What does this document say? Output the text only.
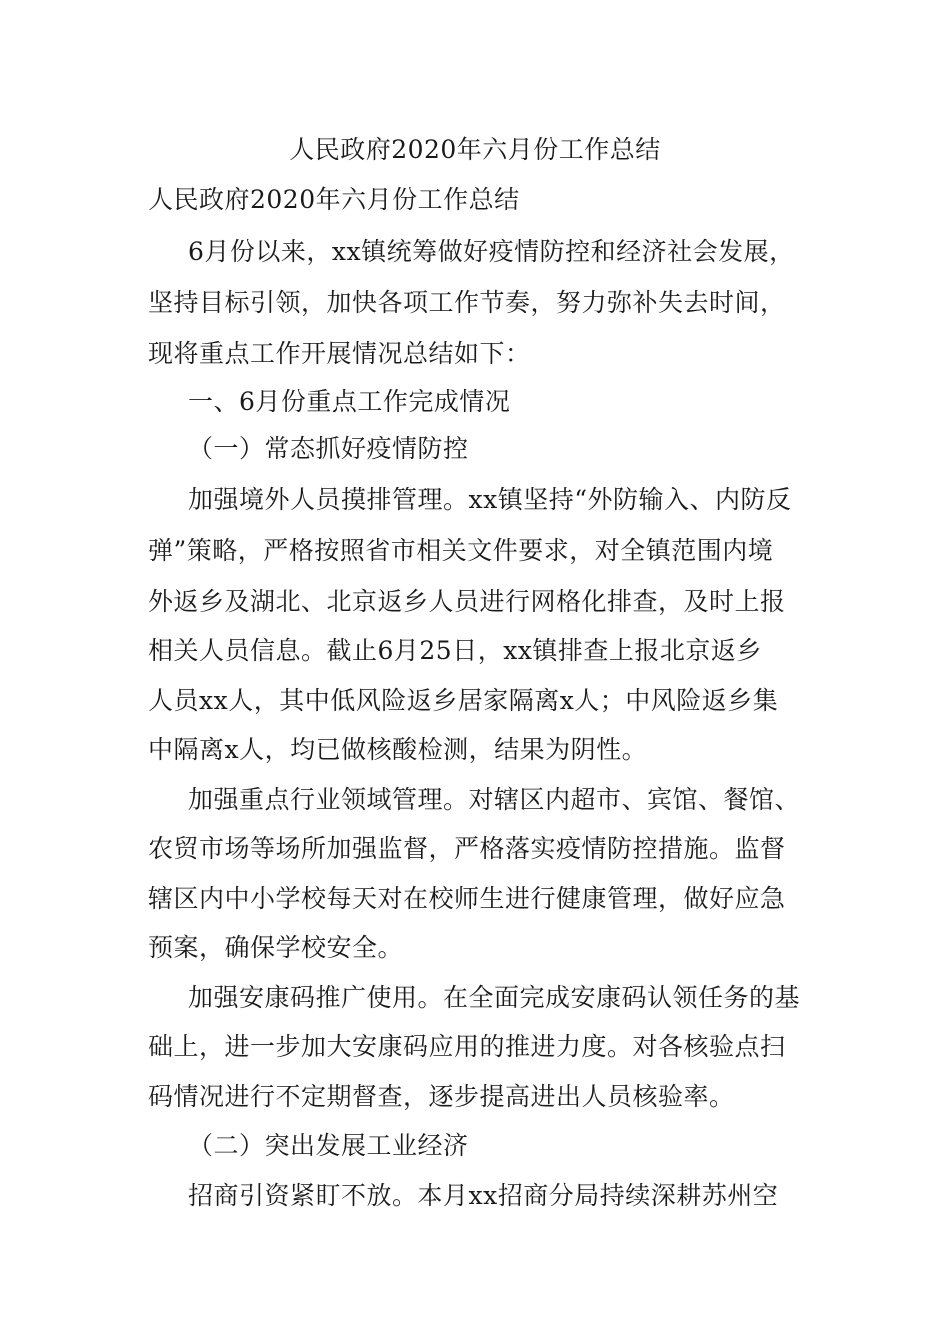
人民政府2020年六月份工作总结
人民政府2020年六月份工作总结
6月份以来，xx镇统筹做好疫情防控和经济社会发展，
坚持目标引领，加快各项工作节奏，努力弥补失去时间，
现将重点工作开展情况总结如下：
一、6月份重点工作完成情况
（一）常态抓好疫情防控
加强境外人员摸排管理。xx镇坚持“外防输入、内防反
弹”策略，严格按照省市相关文件要求，对全镇范围内境
外返乡及湖北、北京返乡人员进行网格化排查，及时上报
相关人员信息。截止6月25日，xx镇排查上报北京返乡
人员xx人，其中低风险返乡居家隔离x人；中风险返乡集
中隔离x人，均已做核酸检测，结果为阴性。
加强重点行业领域管理。对辖区内超市、宾馆、餐馆、
农贸市场等场所加强监督，严格落实疫情防控措施。监督
辖区内中小学校每天对在校师生进行健康管理，做好应急
预案，确保学校安全。
加强安康码推广使用。在全面完成安康码认领任务的基
础上，进一步加大安康码应用的推进力度。对各核验点扫
码情况进行不定期督查，逐步提高进出人员核验率。
（二）突出发展工业经济
招商引资紧盯不放。本月xx招商分局持续深耕苏州空
